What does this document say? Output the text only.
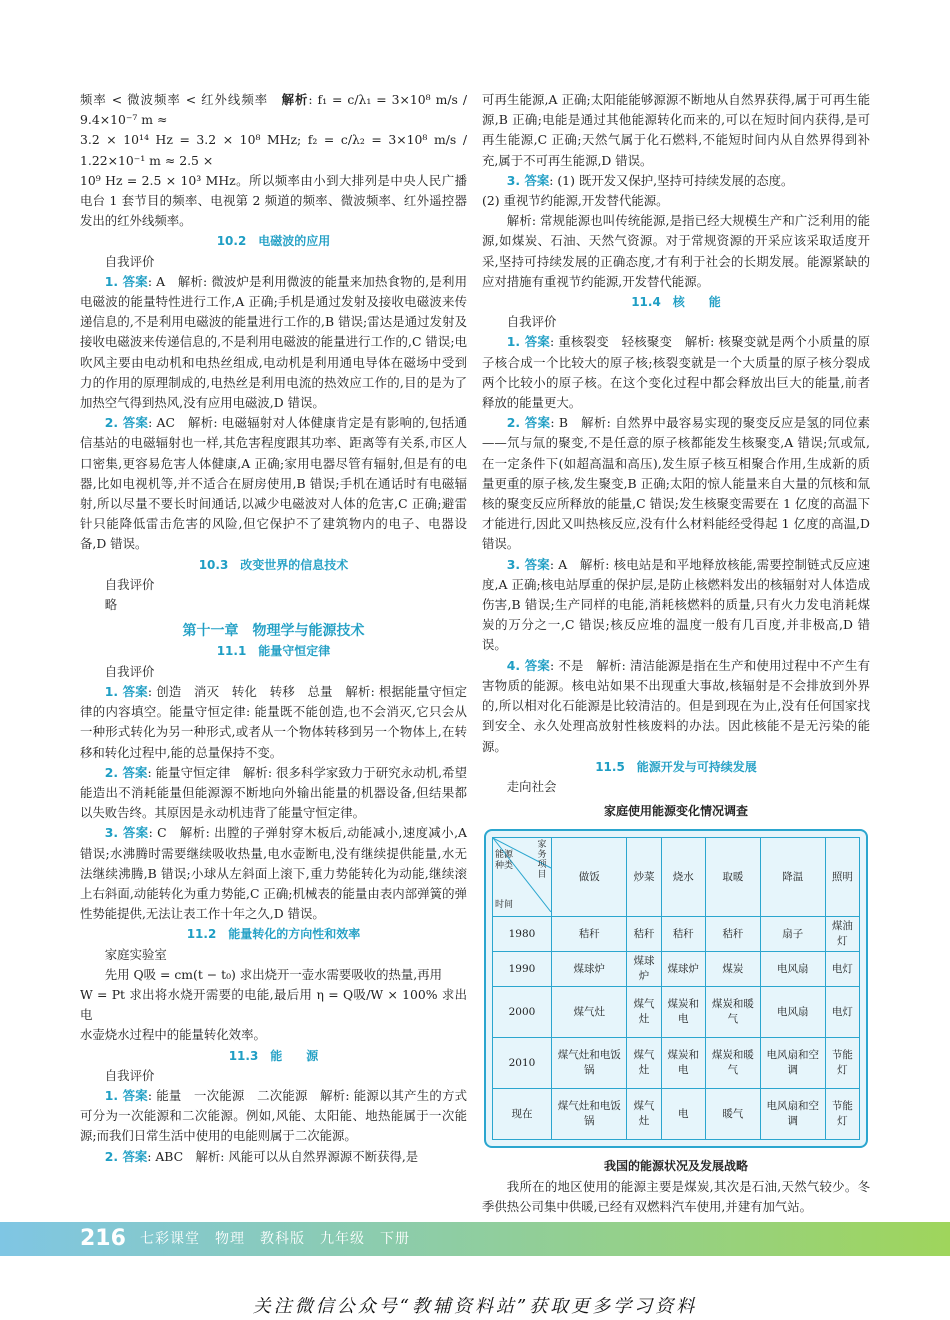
频率 < 微波频率 < 红外线频率　 解析: f₁ = c/λ₁ = 3×10⁸ m/s / 9.4×10⁻⁷ m ≈

3.2 × 10¹⁴ Hz = 3.2 × 10⁸ MHz; f₂ = c/λ₂ = 3×10⁸ m/s / 1.22×10⁻¹ m ≈ 2.5 ×

10⁹ Hz = 2.5 × 10³ MHz。所以频率由小到大排列是中央人民广播电台 1 套节目的频率、电视第 2 频道的频率、微波频率、红外遥控器发出的红外线频率。

10.2　电磁波的应用

自我评价

1. 答案: A　解析: 微波炉是利用微波的能量来加热食物的,是利用电磁波的能量特性进行工作,A 正确;手机是通过发射及接收电磁波来传递信息的,不是利用电磁波的能量进行工作的,B 错误;雷达是通过发射及接收电磁波来传递信息的,不是利用电磁波的能量进行工作的,C 错误;电吹风主要由电动机和电热丝组成,电动机是利用通电导体在磁场中受到力的作用的原理制成的,电热丝是利用电流的热效应工作的,目的是为了加热空气得到热风,没有应用电磁波,D 错误。

2. 答案: AC　解析: 电磁辐射对人体健康肯定是有影响的,包括通信基站的电磁辐射也一样,其危害程度跟其功率、距离等有关系,市区人口密集,更容易危害人体健康,A 正确;家用电器尽管有辐射,但是有的电器,比如电视机等,并不适合在厨房使用,B 错误;手机在通话时有电磁辐射,所以尽量不要长时间通话,以减少电磁波对人体的危害,C 正确;避雷针只能降低雷击危害的风险,但它保护不了建筑物内的电子、电器设备,D 错误。

10.3　改变世界的信息技术

自我评价

略

第十一章　物理学与能源技术

11.1　能量守恒定律

自我评价

1. 答案: 创造　消灭　转化　转移　总量　解析: 根据能量守恒定律的内容填空。能量守恒定律: 能量既不能创造,也不会消灭,它只会从一种形式转化为另一种形式,或者从一个物体转移到另一个物体上,在转移和转化过程中,能的总量保持不变。

2. 答案: 能量守恒定律　解析: 很多科学家致力于研究永动机,希望能造出不消耗能量但能源源不断地向外输出能量的机器设备,但结果都以失败告终。其原因是永动机违背了能量守恒定律。

3. 答案: C　解析: 出膛的子弹射穿木板后,动能减小,速度减小,A 错误;水沸腾时需要继续吸收热量,电水壶断电,没有继续提供能量,水无法继续沸腾,B 错误;小球从左斜面上滚下,重力势能转化为动能,继续滚上右斜面,动能转化为重力势能,C 正确;机械表的能量由表内部弹簧的弹性势能提供,无法让表工作十年之久,D 错误。

11.2　能量转化的方向性和效率

家庭实验室

先用 Q吸 = cm(t − t₀) 求出烧开一壶水需要吸收的热量,再用

W = Pt 求出将水烧开需要的电能,最后用 η = Q吸/W × 100% 求出电

水壶烧水过程中的能量转化效率。

11.3　能　　源

自我评价

1. 答案: 能量　一次能源　二次能源　解析: 能源以其产生的方式可分为一次能源和二次能源。例如,风能、太阳能、地热能属于一次能源;而我们日常生活中使用的电能则属于二次能源。

2. 答案: ABC　解析: 风能可以从自然界源源不断获得,是

可再生能源,A 正确;太阳能能够源源不断地从自然界获得,属于可再生能源,B 正确;电能是通过其他能源转化而来的,可以在短时间内获得,是可再生能源,C 正确;天然气属于化石燃料,不能短时间内从自然界得到补充,属于不可再生能源,D 错误。

3. 答案: (1) 既开发又保护,坚持可持续发展的态度。

(2) 重视节约能源,开发替代能源。

解析: 常规能源也叫传统能源,是指已经大规模生产和广泛利用的能源,如煤炭、石油、天然气资源。对于常规资源的开采应该采取适度开采,坚持可持续发展的正确态度,才有利于社会的长期发展。能源紧缺的应对措施有重视节约能源,开发替代能源。

11.4　核　　能

自我评价

1. 答案: 重核裂变　轻核聚变　解析: 核聚变就是两个小质量的原子核合成一个比较大的原子核;核裂变就是一个大质量的原子核分裂成两个比较小的原子核。在这个变化过程中都会释放出巨大的能量,前者释放的能量更大。

2. 答案: B　解析: 自然界中最容易实现的聚变反应是氢的同位素——氘与氚的聚变,不是任意的原子核都能发生核聚变,A 错误;氘或氚,在一定条件下(如超高温和高压),发生原子核互相聚合作用,生成新的质量更重的原子核,发生聚变,B 正确;太阳的惊人能量来自大量的氘核和氚核的聚变反应所释放的能量,C 错误;发生核聚变需要在 1 亿度的高温下才能进行,因此又叫热核反应,没有什么材料能经受得起 1 亿度的高温,D 错误。

3. 答案: A　解析: 核电站是和平地释放核能,需要控制链式反应速度,A 正确;核电站厚重的保护层,是防止核燃料发出的核辐射对人体造成伤害,B 错误;生产同样的电能,消耗核燃料的质量,只有火力发电消耗煤炭的万分之一,C 错误;核反应堆的温度一般有几百度,并非极高,D 错误。

4. 答案: 不是　解析: 清洁能源是指在生产和使用过程中不产生有害物质的能源。核电站如果不出现重大事故,核辐射是不会排放到外界的,所以相对化石能源是比较清洁的。但是到现在为止,没有任何国家找到安全、永久处理高放射性核废料的办法。因此核能不是无污染的能源。

11.5　能源开发与可持续发展

走向社会

家庭使用能源变化情况调查

能源种类
家务项目
时间	做饭	炒菜	烧水	取暖	降温	照明
1980	秸秆	秸秆	秸秆	秸秆	扇子	煤油灯
1990	煤球炉	煤球炉	煤球炉	煤炭	电风扇	电灯
2000	煤气灶	煤气灶	煤炭和电	煤炭和暖气	电风扇	电灯
2010	煤气灶和电饭锅	煤气灶	煤炭和电	煤炭和暖气	电风扇和空调	节能灯
现在	煤气灶和电饭锅	煤气灶	电	暖气	电风扇和空调	节能灯

我国的能源状况及发展战略

我所在的地区使用的能源主要是煤炭,其次是石油,天然气较少。冬季供热公司集中供暖,已经有双燃料汽车使用,并建有加气站。

216 七彩课堂　物理　教科版　九年级　下册
关注微信公众号“教辅资料站”获取更多学习资料
